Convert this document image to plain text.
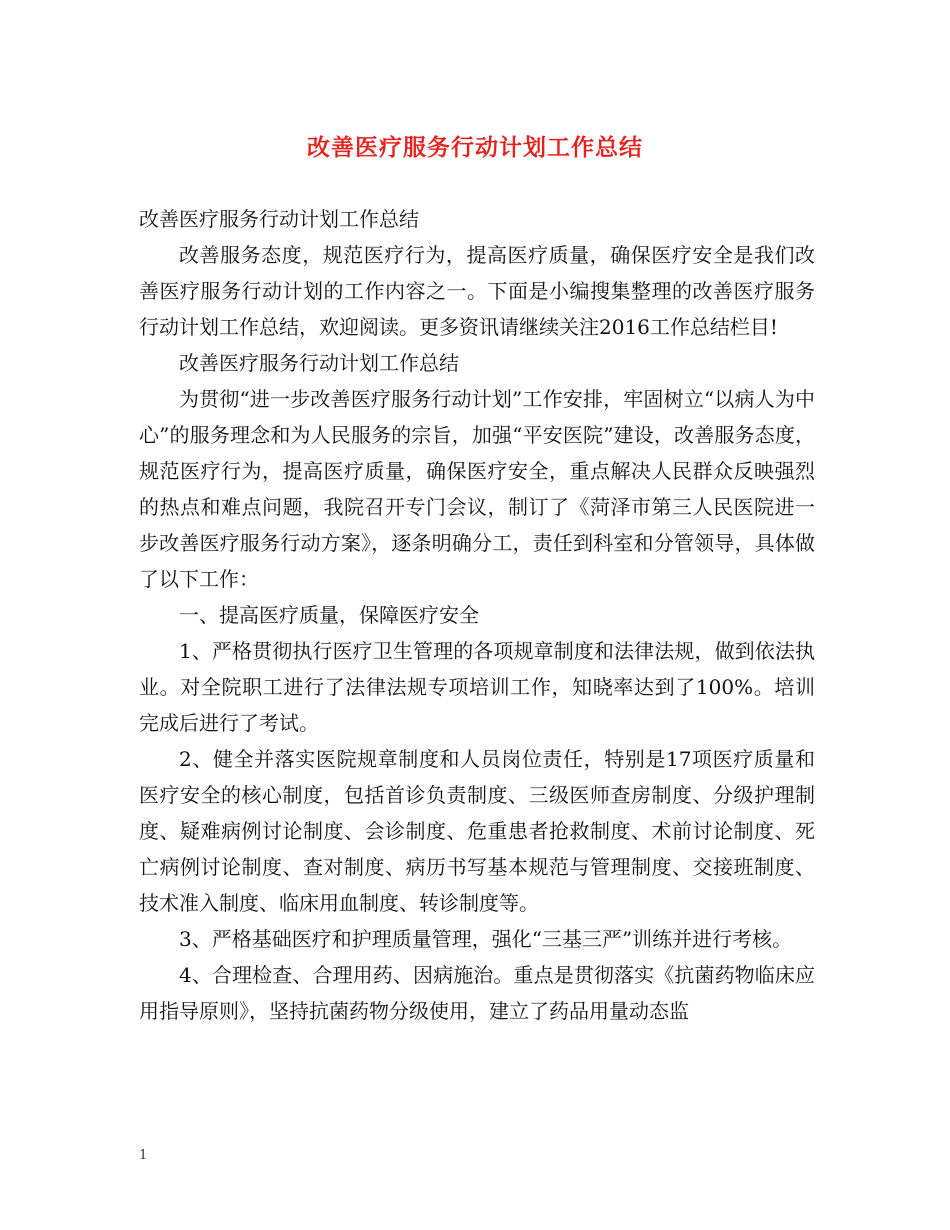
改善医疗服务行动计划工作总结

改善医疗服务行动计划工作总结

改善服务态度，规范医疗行为，提高医疗质量，确保医疗安全是我们改善医疗服务行动计划的工作内容之一。下面是小编搜集整理的改善医疗服务行动计划工作总结，欢迎阅读。更多资讯请继续关注2016工作总结栏目!

改善医疗服务行动计划工作总结

为贯彻“进一步改善医疗服务行动计划”工作安排，牢固树立“以病人为中心”的服务理念和为人民服务的宗旨，加强“平安医院”建设，改善服务态度，规范医疗行为，提高医疗质量，确保医疗安全，重点解决人民群众反映强烈的热点和难点问题，我院召开专门会议，制订了《菏泽市第三人民医院进一步改善医疗服务行动方案》，逐条明确分工，责任到科室和分管领导，具体做了以下工作：

一、提高医疗质量，保障医疗安全

1、严格贯彻执行医疗卫生管理的各项规章制度和法律法规，做到依法执业。对全院职工进行了法律法规专项培训工作，知晓率达到了100%。培训完成后进行了考试。

2、健全并落实医院规章制度和人员岗位责任，特别是17项医疗质量和医疗安全的核心制度，包括首诊负责制度、三级医师查房制度、分级护理制度、疑难病例讨论制度、会诊制度、危重患者抢救制度、术前讨论制度、死亡病例讨论制度、查对制度、病历书写基本规范与管理制度、交接班制度、技术准入制度、临床用血制度、转诊制度等。

3、严格基础医疗和护理质量管理，强化“三基三严”训练并进行考核。

4、合理检查、合理用药、因病施治。重点是贯彻落实《抗菌药物临床应用指导原则》，坚持抗菌药物分级使用，建立了药品用量动态监

1
